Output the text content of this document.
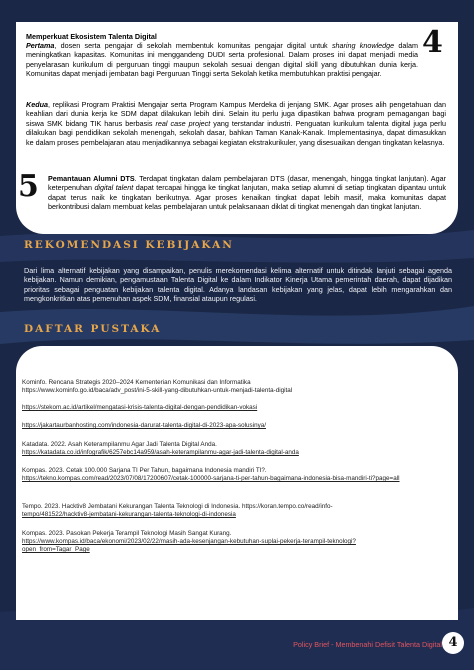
4
Memperkuat Ekosistem Talenta Digital
Pertama, dosen serta pengajar di sekolah membentuk komunitas pengajar digital untuk sharing knowledge dalam meningkatkan kapasitas. Komunitas ini menggandeng DUDI serta profesional. Dalam proses ini dapat menjadi media penyelarasan kurikulum di perguruan tinggi maupun sekolah sesuai dengan digital skill yang dibutuhkan dunia kerja. Komunitas dapat menjadi jembatan bagi Perguruan Tinggi serta Sekolah ketika membutuhkan praktisi pengajar.
Kedua, replikasi Program Praktisi Mengajar serta Program Kampus Merdeka di jenjang SMK. Agar proses alih pengetahuan dan keahlian dari dunia kerja ke SDM dapat dilakukan lebih dini. Selain itu perlu juga dipastikan bahwa program pemagangan bagi siswa SMK bidang TIK harus berbasis real case project yang terstandar industri. Penguatan kurikulum talenta digital juga perlu dilakukan bagi pendidikan sekolah menengah, sekolah dasar, bahkan Taman Kanak-Kanak. Implementasinya, dapat dimasukkan ke dalam proses pembelajaran atau menjadikannya sebagai kegiatan ekstrakurikuler, yang disesuaikan dengan tingkatan kelasnya.
5	Pemantauan Alumni DTS. Terdapat tingkatan dalam pembelajaran DTS (dasar, menengah, hingga tingkat lanjutan). Agar keterpenuhan digital talent dapat tercapai hingga ke tingkat lanjutan, maka setiap alumni di setiap tingkatan dipantau untuk dapat terus naik ke tingkatan berikutnya. Agar proses kenaikan tingkat dapat lebih masif, maka komunitas dapat berkontribusi dalam membuat kelas pembelajaran untuk pelaksanaan diklat di tingkat menengah dan tingkat lanjutan.
REKOMENDASI KEBIJAKAN
Dari lima alternatif kebijakan yang disampaikan, penulis merekomendasi kelima alternatif untuk ditindak lanjuti sebagai agenda kebijakan. Namun demikian, pengamustaan Talenta Digital ke dalam Indikator Kinerja Utama pemerintah daerah, dapat dijadikan prioritas sebagai penguatan kebijakan talenta digital. Adanya landasan kebijakan yang jelas, dapat lebih mengarahkan dan mengkonkritkan atas pemenuhan aspek SDM, finansial ataupun regulasi.
DAFTAR PUSTAKA
Kominfo. Rencana Strategis 2020–2024 Kementerian Komunikasi dan Informatika
https://www.kominfo.go.id/baca/adv_post/ini-5-skill-yang-dibutuhkan-untuk-menjadi-talenta-digital
https://stekom.ac.id/artikel/mengatasi-krisis-talenta-digital-dengan-pendidikan-vokasi
https://jakartaurbanhosting.com/indonesia-darurat-talenta-digital-di-2023-apa-solusinya/
Katadata. 2022. Asah Keterampilanmu Agar Jadi Talenta Digital Anda.
https://katadata.co.id/infografik/6257ebc14a959/asah-keterampilanmu-agar-jadi-talenta-digital-anda
Kompas. 2023. Cetak 100.000 Sarjana TI Per Tahun, bagaimana Indonesia mandiri TI?.
https://tekno.kompas.com/read/2023/07/08/17200607/cetak-100000-sarjana-ti-per-tahun-bagaimana-indonesia-bisa-mandiri-ti?page=all
Tempo. 2023. Hacktiv8 Jembatani Kekurangan Talenta Teknologi di Indonesia. https://koran.tempo.co/read/info-
tempo/481522/hacktiv8-jembatani-kekurangan-talenta-teknologi-di-indonesia
Kompas. 2023. Pasokan Pekerja Terampil Teknologi Masih Sangat Kurang.
https://www.kompas.id/baca/ekonomi/2023/02/22/masih-ada-kesenjangan-kebutuhan-suplai-pekerja-terampil-teknologi?open_from=Tagar_Page
Policy Brief - Membenahi Defisit Talenta Digital 4
